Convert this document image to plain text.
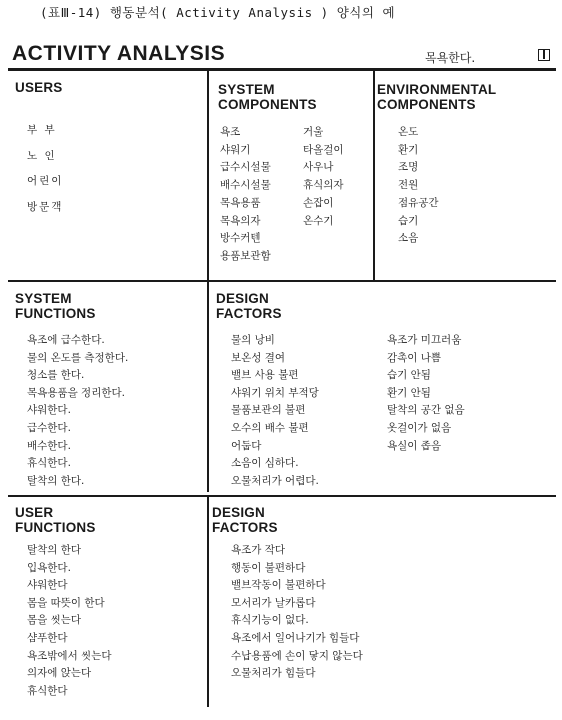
(표Ⅲ-14) 행동분석( Activity Analysis ) 양식의 예
ACTIVITY ANALYSIS	목욕한다.
USERS
부 부
노 인
어린이
방문객
SYSTEM
COMPONENTS
욕조
샤워기
급수시설물
배수시설물
목욕용품
목욕의자
방수커텐
용품보관함
거울
타올걸이
사우나
휴식의자
손잡이
온수기
ENVIRONMENTAL
COMPONENTS
온도
환기
조명
전원
점유공간
습기
소음
SYSTEM
FUNCTIONS
욕조에 급수한다.
물의 온도를 측정한다.
청소를 한다.
목욕용품을 정리한다.
샤워한다.
급수한다.
배수한다.
휴식한다.
탈착의 한다.
DESIGN
FACTORS
물의 낭비
보온성 결여
밸브 사용 불편
샤워기 위치 부적당
물품보관의 불편
오수의 배수 불편
어둡다
소음이 심하다.
오물처리가 어렵다.
욕조가 미끄러움
감촉이 나쁨
습기 안됨
환기 안됨
탈착의 공간 없음
옷걸이가 없음
욕실이 좁음
USER
FUNCTIONS
탈착의 한다
입욕한다.
샤워한다
몸을 따뜻이 한다
몸을 씻는다
샴푸한다
욕조밖에서 씻는다
의자에 앉는다
휴식한다
DESIGN
FACTORS
욕조가 작다
행동이 불편하다
밸브작동이 불편하다
모서리가 날카롭다
휴식기능이 없다.
욕조에서 일어나기가 힘들다
수납용품에 손이 닿지 않는다
오물처리가 힘들다
